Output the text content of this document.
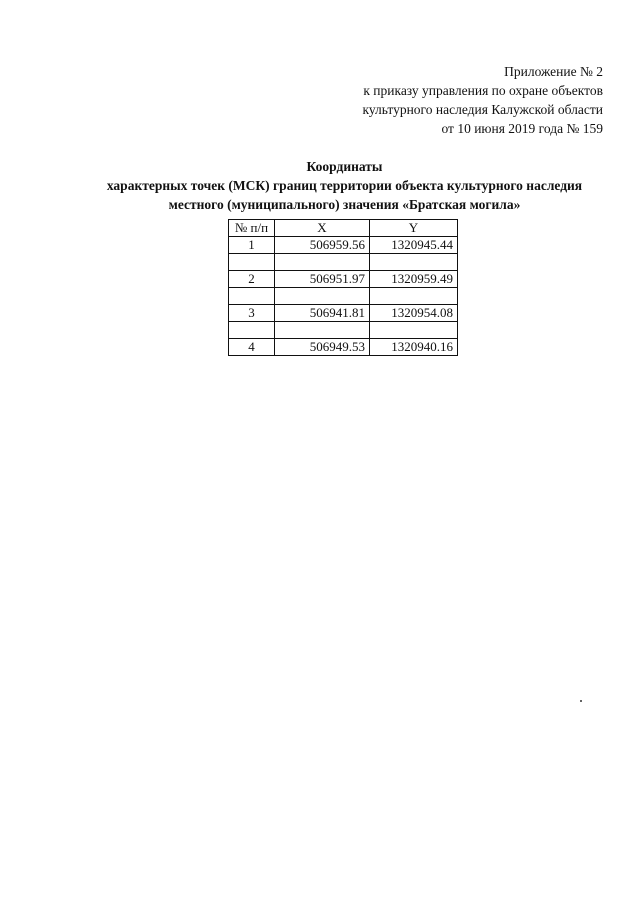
Приложение № 2
к приказу управления по охране объектов
культурного наследия Калужской области
от 10 июня 2019 года № 159
Координаты
характерных точек (МСК) границ территории объекта культурного наследия
местного (муниципального) значения «Братская могила»
№ п/п	X	Y
1	506959.56	1320945.44

2	506951.97	1320959.49

3	506941.81	1320954.08

4	506949.53	1320940.16
